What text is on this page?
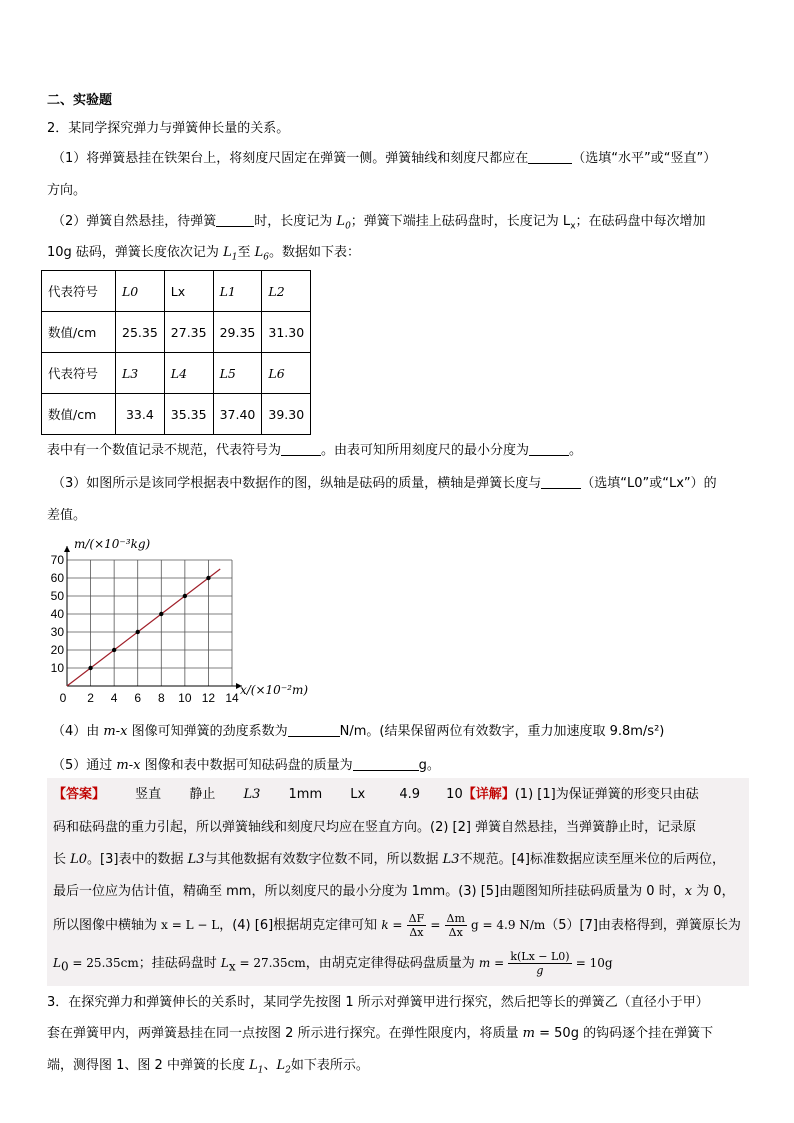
二、实验题
2．某同学探究弹力与弹簧伸长量的关系。
（1）将弹簧悬挂在铁架台上，将刻度尺固定在弹簧一侧。弹簧轴线和刻度尺都应在	（选填“水平”或“竖直”）
方向。
（2）弹簧自然悬挂，待弹簧	时，长度记为 $L_0$；弹簧下端挂上砝码盘时，长度记为 $L_x$；在砝码盘中每次增加
10g 砝码，弹簧长度依次记为 $L_1$至 $L_6$。数据如下表：
代表符号	L0	Lx	L1	L2
数值/cm	25.35	27.35	29.35	31.30
代表符号	L3	L4	L5	L6
数值/cm	33.4	35.35	37.40	39.30
表中有一个数值记录不规范，代表符号为	。由表可知所用刻度尺的最小分度为	。
（3）如图所示是该同学根据表中数据作的图，纵轴是砝码的质量，横轴是弹簧长度与	（选填“L0”或“Lx”）的
差值。
0 2 4 6 8 10 12 14
10
20
30
40
50
60
70
m/(×10⁻³kg)
x/(×10⁻²m)
（4）由 m-x 图像可知弹簧的劲度系数为	N/m。(结果保留两位有效数字，重力加速度取 9.8m/s²)
（5）通过 m-x 图像和表中数据可知砝码盘的质量为	g。
【答案】 竖直 静止 L3 1mm Lx	4.9 10【详解】(1) [1]为保证弹簧的形变只由砝
码和砝码盘的重力引起，所以弹簧轴线和刻度尺均应在竖直方向。(2) [2] 弹簧自然悬挂，当弹簧静止时，记录原
长 L0。[3]表中的数据 L3与其他数据有效数字位数不同，所以数据 L3不规范。[4]标准数据应读至厘米位的后两位，
最后一位应为估计值，精确至 mm，所以刻度尺的最小分度为 1mm。(3) [5]由题图知所挂砝码质量为 0 时，x 为 0，
所以图像中横轴为 x = L − L，(4) [6]根据胡克定律可知 $k = \frac{\Delta F}{\Delta x} = \frac{\Delta m}{\Delta x}$ g = 4.9 N/m（5）[7]由表格得到，弹簧原长为
$L_0 = 25.35cm$；挂砝码盘时 $L_x = 27.35cm$，由胡克定律得砝码盘质量为 $m = \frac{k(Lx - L0)}{g} = 10g$
3．在探究弹力和弹簧伸长的关系时，某同学先按图 1 所示对弹簧甲进行探究，然后把等长的弹簧乙（直径小于甲）
套在弹簧甲内，两弹簧悬挂在同一点按图 2 所示进行探究。在弹性限度内，将质量 m = 50g 的钩码逐个挂在弹簧下
端，测得图 1、图 2 中弹簧的长度 $L_1$、$L_2$如下表所示。
